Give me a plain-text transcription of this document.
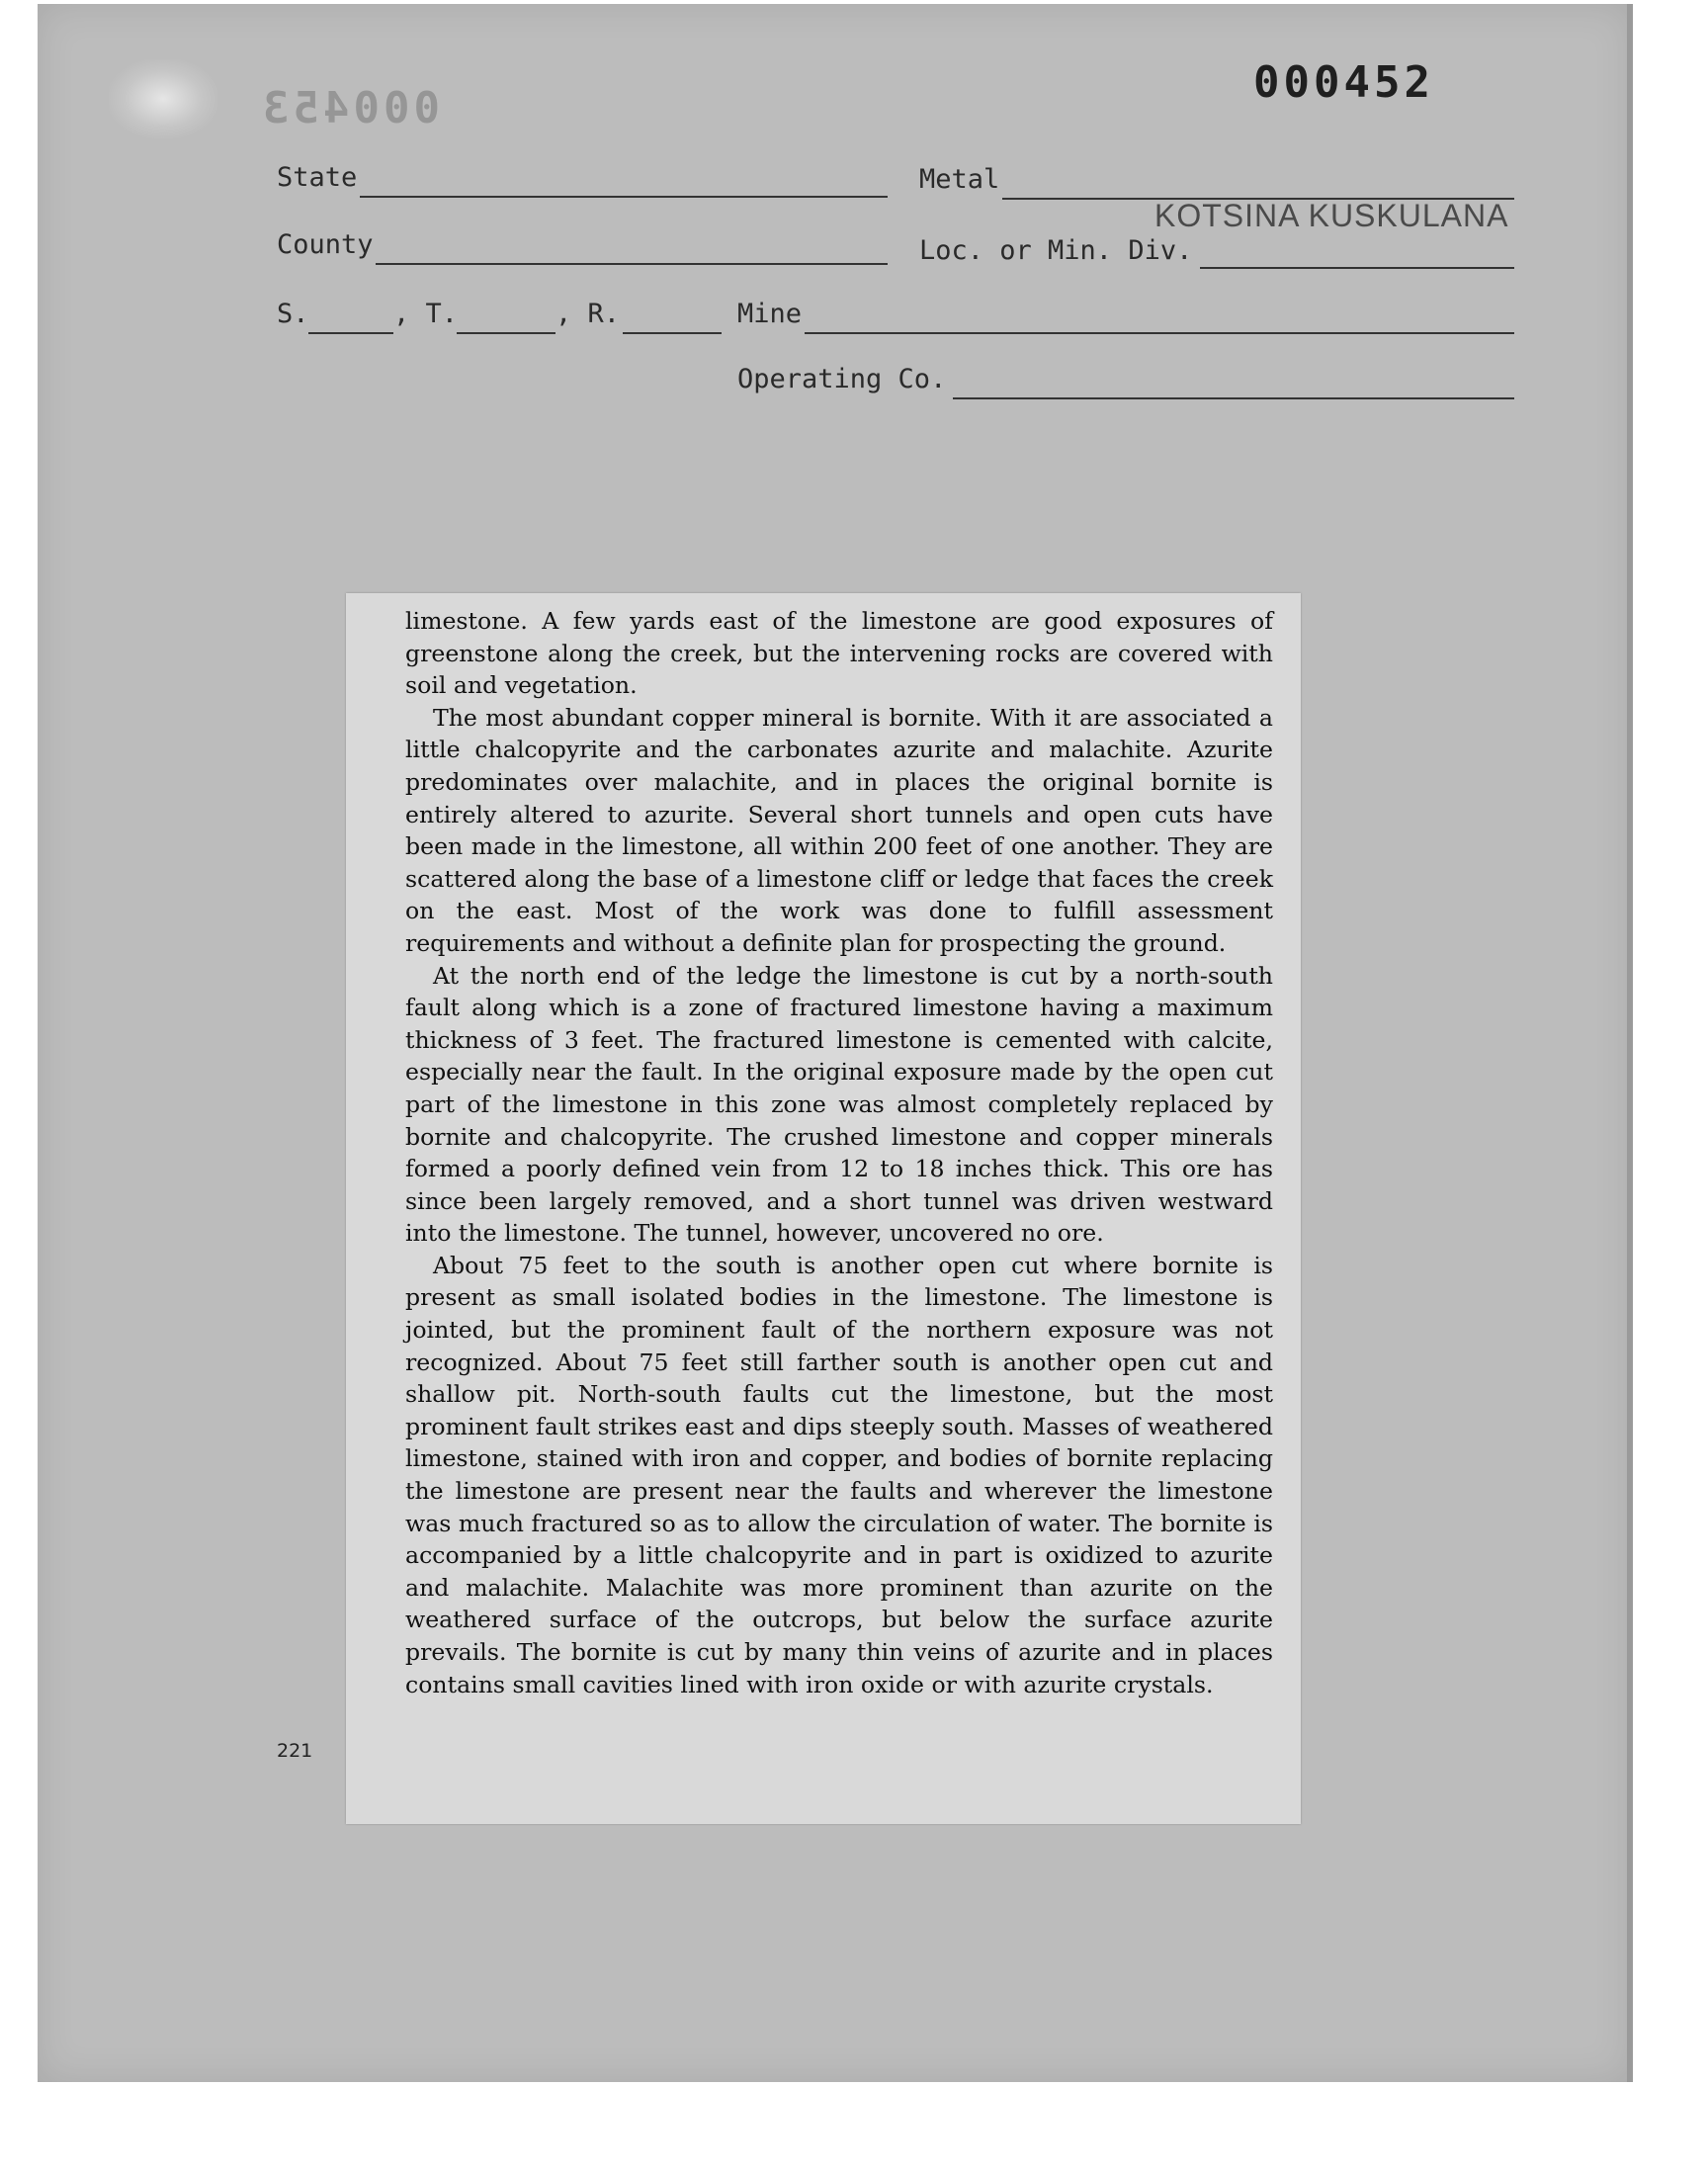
000453
000452
State	Metal
County	Loc. or Min. Div.
KOTSINA KUSKULANA
S.	, T.	, R.	Mine
Operating Co.

limestone. A few yards east of the limestone are good exposures of greenstone along the creek, but the intervening rocks are covered with soil and vegetation.

The most abundant copper mineral is bornite. With it are associated a little chalcopyrite and the carbonates azurite and malachite. Azurite predominates over malachite, and in places the original bornite is entirely altered to azurite. Several short tunnels and open cuts have been made in the limestone, all within 200 feet of one another. They are scattered along the base of a limestone cliff or ledge that faces the creek on the east. Most of the work was done to fulfill assessment requirements and without a definite plan for prospecting the ground.

At the north end of the ledge the limestone is cut by a north-south fault along which is a zone of fractured limestone having a maximum thickness of 3 feet. The fractured limestone is cemented with calcite, especially near the fault. In the original exposure made by the open cut part of the limestone in this zone was almost completely replaced by bornite and chalcopyrite. The crushed limestone and copper minerals formed a poorly defined vein from 12 to 18 inches thick. This ore has since been largely removed, and a short tunnel was driven westward into the limestone. The tunnel, however, uncovered no ore.

About 75 feet to the south is another open cut where bornite is present as small isolated bodies in the limestone. The limestone is jointed, but the prominent fault of the northern exposure was not recognized. About 75 feet still farther south is another open cut and shallow pit. North-south faults cut the limestone, but the most prominent fault strikes east and dips steeply south. Masses of weathered limestone, stained with iron and copper, and bodies of bornite replacing the limestone are present near the faults and wherever the limestone was much fractured so as to allow the circulation of water. The bornite is accompanied by a little chalcopyrite and in part is oxidized to azurite and malachite. Malachite was more prominent than azurite on the weathered surface of the outcrops, but below the surface azurite prevails. The bornite is cut by many thin veins of azurite and in places contains small cavities lined with iron oxide or with azurite crystals.

221
